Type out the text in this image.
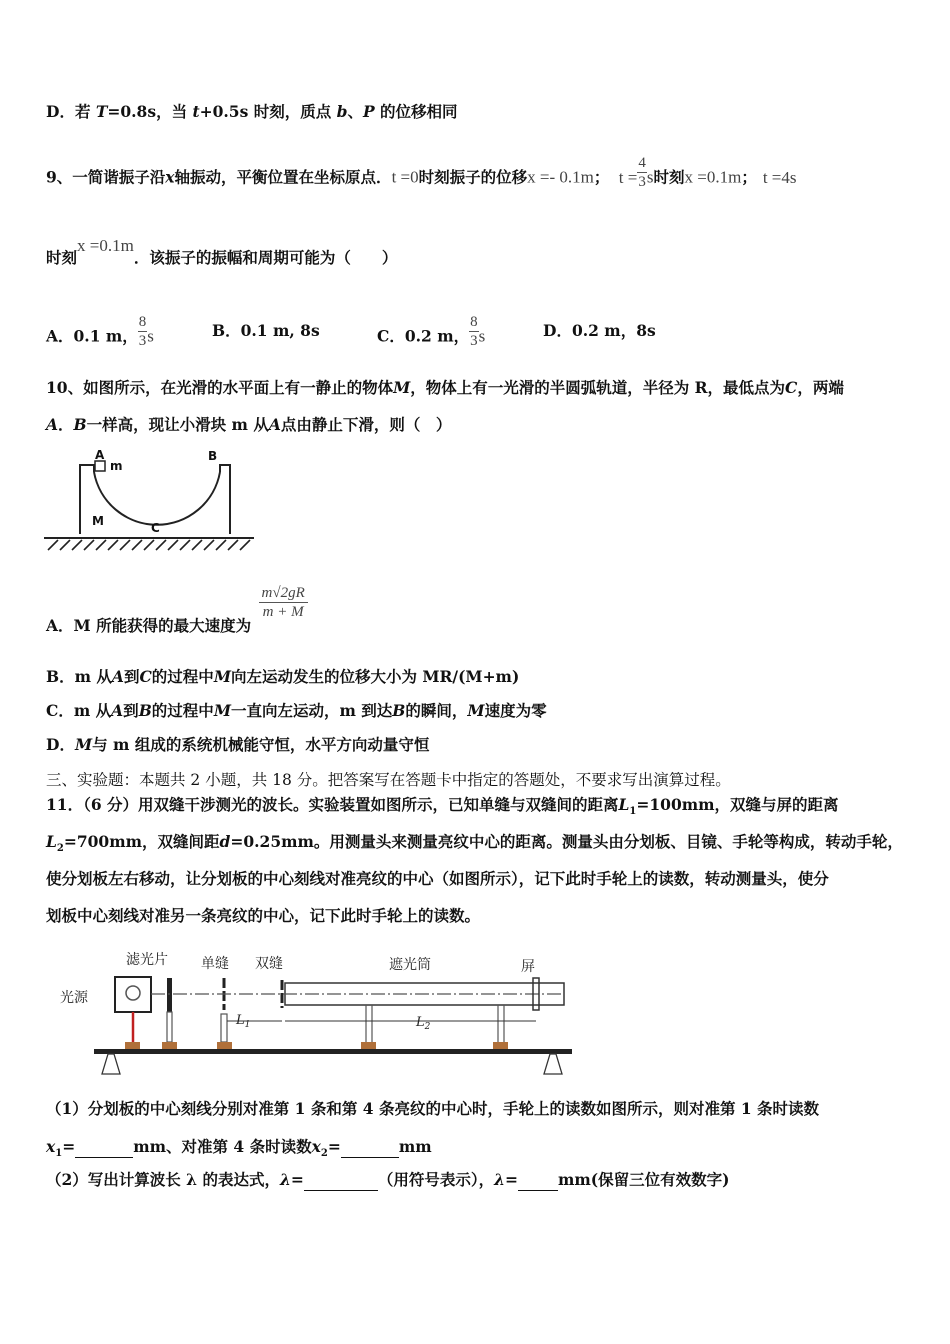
D．若 T=0.8s，当 t+0.5s 时刻，质点 b、P 的位移相同
9、一简谐振子沿x轴振动，平衡位置在坐标原点．t =0时刻振子的位移x =- 0.1m； $t = \frac{4}{3}$ s时刻x =0.1m； t =4s
时刻x =0.1m．该振子的振幅和周期可能为（　　）
A．0.1 m， $\frac{8}{3}$ s	B．0.1 m, 8s	C．0.2 m， $\frac{8}{3}$ s	D．0.2 m，8s
10、如图所示，在光滑的水平面上有一静止的物体M，物体上有一光滑的半圆弧轨道，半径为 R，最低点为C，两端
A．B一样高，现让小滑块 m 从A点由静止下滑，则（　）
A
m
B
M	C
A．M 所能获得的最大速度为
$\frac{m√2gR}{m + M}$
B．m 从A到C的过程中M向左运动发生的位移大小为 MR/(M+m)
C．m 从A到B的过程中M一直向左运动，m 到达B的瞬间，M速度为零
D．M与 m 组成的系统机械能守恒，水平方向动量守恒
三、实验题：本题共 2 小题，共 18 分。把答案写在答题卡中指定的答题处，不要求写出演算过程。
11．（6 分）用双缝干涉测光的波长。实验装置如图所示，已知单缝与双缝间的距离$L_1=100mm$，双缝与屏的距离
$L_2=700mm$，双缝间距d=0.25mm。用测量头来测量亮纹中心的距离。测量头由分划板、目镜、手轮等构成，转动手轮，
使分划板左右移动，让分划板的中心刻线对准亮纹的中心（如图所示），记下此时手轮上的读数，转动测量头，使分
划板中心刻线对准另一条亮纹的中心，记下此时手轮上的读数。
滤光片 单缝 双缝	遮光筒	屏
光源
$L_1$	$L_2$
（1）分划板的中心刻线分别对准第 1 条和第 4 条亮纹的中心时，手轮上的读数如图所示，则对准第 1 条时读数
$x_1=$	mm、对准第 4 条时读数$x_2=$	mm
（2）写出计算波长 λ 的表达式，λ=	（用符号表示），λ=	mm(保留三位有效数字)
